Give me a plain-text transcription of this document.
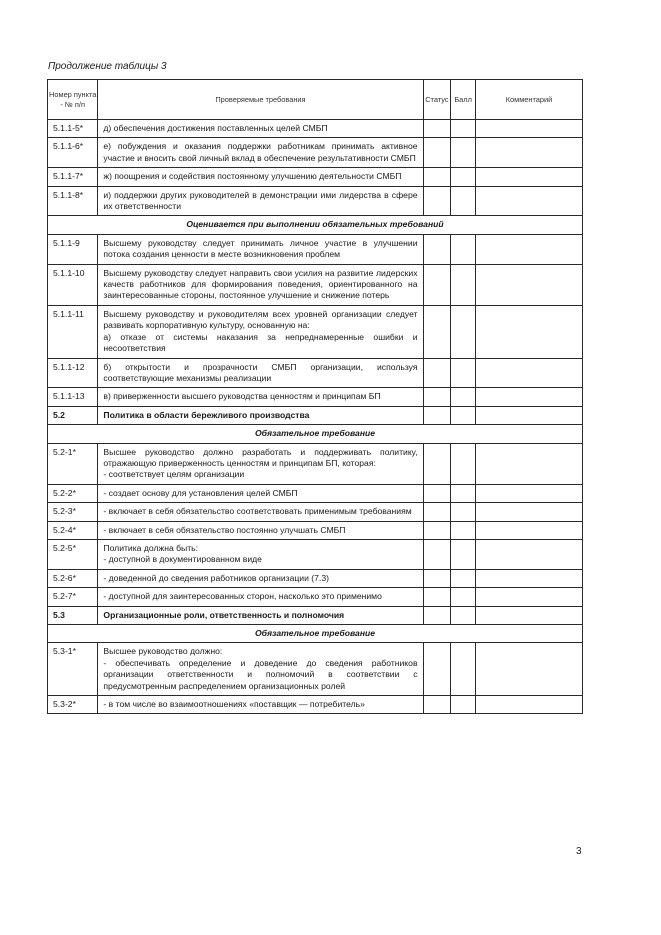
Продолжение таблицы 3
Номер пункта - № п/п	Проверяемые требования	Статус	Балл	Комментарий
5.1.1-5*	д) обеспечения достижения поставленных целей СМБП			

5.1.1-6*	е) побуждения и оказания поддержки работникам принимать активное участие и вносить свой личный вклад в обеспечение результативности СМБП			

5.1.1-7*	ж) поощрения и содействия постоянному улучшению деятельности СМБП			

5.1.1-8*	и) поддержки других руководителей в демонстрации ими лидерства в сфере их ответственности			

Оценивается при выполнении обязательных требований				
5.1.1-9	Высшему руководству следует принимать личное участие в улучшении потока создания ценности в месте возникновения проблем			

5.1.1-10	Высшему руководству следует направить свои усилия на развитие лидерских качеств работников для формирования поведения, ориентированного на заинтересованные стороны, постоянное улучшение и снижение потерь			

5.1.1-11	Высшему руководству и руководителям всех уровней организации следует развивать корпоративную культуру, основанную на:
а) отказе от системы наказания за непреднамеренные ошибки и несоответствия			

5.1.1-12	б) открытости и прозрачности СМБП организации, используя соответствующие механизмы реализации			

5.1.1-13	в) приверженности высшего руководства ценностям и принципам БП			

5.2	Политика в области бережливого производства			

Обязательное требование				
5.2-1*	Высшее руководство должно разработать и поддерживать политику, отражающую приверженность ценностям и принципам БП, которая:
- соответствует целям организации			

5.2-2*	- создает основу для установления целей СМБП			

5.2-3*	- включает в себя обязательство соответствовать применимым требованиям			

5.2-4*	- включает в себя обязательство постоянно улучшать СМБП			

5.2-5*	Политика должна быть:
- доступной в документированном виде			

5.2-6*	- доведенной до сведения работников организации (7.3)			

5.2-7*	- доступной для заинтересованных сторон, насколько это применимо			

5.3	Организационные роли, ответственность и полномочия			

Обязательное требование				
5.3-1*	Высшее руководство должно:
- обеспечивать определение и доведение до сведения работников организации ответственности и полномочий в соответствии с предусмотренным распределением организационных ролей			

5.3-2*	- в том числе во взаимоотношениях «поставщик — потребитель»			

3
